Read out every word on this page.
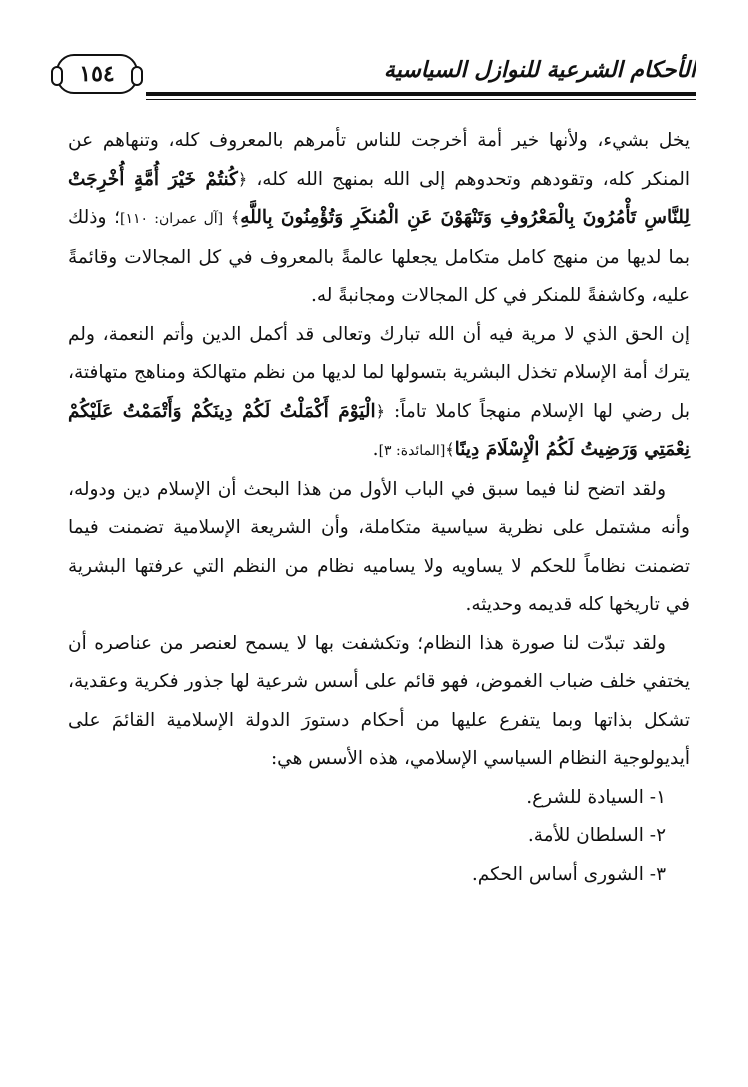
١٥٤	الأحكام الشرعية للنوازل السياسية

يخل بشيء، ولأنها خير أمة أخرجت للناس تأمرهم بالمعروف كله، وتنهاهم عن المنكر كله، وتقودهم وتحدوهم إلى الله بمنهج الله كله، ﴿كُنتُمْ خَيْرَ أُمَّةٍ أُخْرِجَتْ لِلنَّاسِ تَأْمُرُونَ بِالْمَعْرُوفِ وَتَنْهَوْنَ عَنِ الْمُنكَرِ وَتُؤْمِنُونَ بِاللَّهِ﴾ [آل عمران: ١١٠]؛ وذلك بما لديها من منهج كامل متكامل يجعلها عالمةً بالمعروف في كل المجالات وقائمةً عليه، وكاشفةً للمنكر في كل المجالات ومجانبةً له.

إن الحق الذي لا مرية فيه أن الله تبارك وتعالى قد أكمل الدين وأتم النعمة، ولم يترك أمة الإسلام تخذل البشرية بتسولها لما لديها من نظم متهالكة ومناهج متهافتة، بل رضي لها الإسلام منهجاً كاملا تاماً: ﴿الْيَوْمَ أَكْمَلْتُ لَكُمْ دِينَكُمْ وَأَتْمَمْتُ عَلَيْكُمْ نِعْمَتِي وَرَضِيتُ لَكُمُ الْإِسْلَامَ دِينًا﴾[المائدة: ٣].

ولقد اتضح لنا فيما سبق في الباب الأول من هذا البحث أن الإسلام دين ودوله، وأنه مشتمل على نظرية سياسية متكاملة، وأن الشريعة الإسلامية تضمنت فيما تضمنت نظاماً للحكم لا يساويه ولا يساميه نظام من النظم التي عرفتها البشرية في تاريخها كله قديمه وحديثه.

ولقد تبدّت لنا صورة هذا النظام؛ وتكشفت بها لا يسمح لعنصر من عناصره أن يختفي خلف ضباب الغموض، فهو قائم على أسس شرعية لها جذور فكرية وعقدية، تشكل بذاتها وبما يتفرع عليها من أحكام دستورَ الدولة الإسلامية القائمَ على أيديولوجية النظام السياسي الإسلامي، هذه الأسس هي:

١- السيادة للشرع.
٢- السلطان للأمة.
٣- الشورى أساس الحكم.
